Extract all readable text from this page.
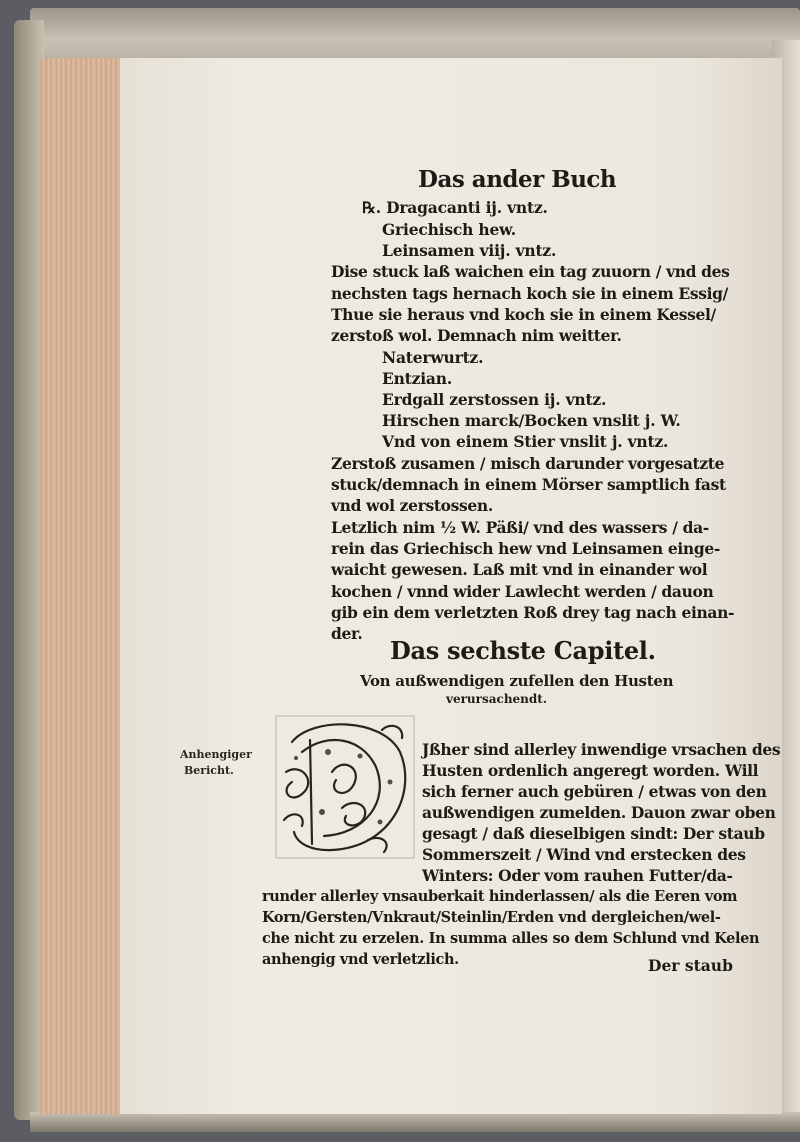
Das ander Buch
℞. Dragacanti ij. vntz.
Griechisch hew.
Leinsamen viij. vntz.
Dise stuck laß waichen ein tag zuuorn / vnd des
nechsten tags hernach koch sie in einem Essig/
Thue sie heraus vnd koch sie in einem Kessel/
zerstoß wol. Demnach nim weitter.
Naterwurtz.
Entzian.
Erdgall zerstossen ij. vntz.
Hirschen marck/Bocken vnslit j. W.
Vnd von einem Stier vnslit j. vntz.
Zerstoß zusamen / misch darunder vorgesatzte
stuck/demnach in einem Mörser samptlich fast
vnd wol zerstossen.
Letzlich nim ½ W. Päßi/ vnd des wassers / da-
rein das Griechisch hew vnd Leinsamen einge-
waicht gewesen. Laß mit vnd in einander wol
kochen / vnnd wider Lawlecht werden / dauon
gib ein dem verletzten Roß drey tag nach einan-
der.
Das sechste Capitel.
Von außwendigen zufellen den Husten
verursachendt.
Anhengiger
Bericht.
Jßher sind allerley inwendige vrsachen des
Husten ordenlich angeregt worden. Will
sich ferner auch gebüren / etwas von den
außwendigen zumelden. Dauon zwar oben
gesagt / daß dieselbigen sindt: Der staub
Sommerszeit / Wind vnd erstecken des
Winters: Oder vom rauhen Futter/da-
runder allerley vnsauberkait hinderlassen/ als die Eeren vom
Korn/Gersten/Vnkraut/Steinlin/Erden vnd dergleichen/wel-
che nicht zu erzelen. In summa alles so dem Schlund vnd Kelen
anhengig vnd verletzlich.	Der staub
